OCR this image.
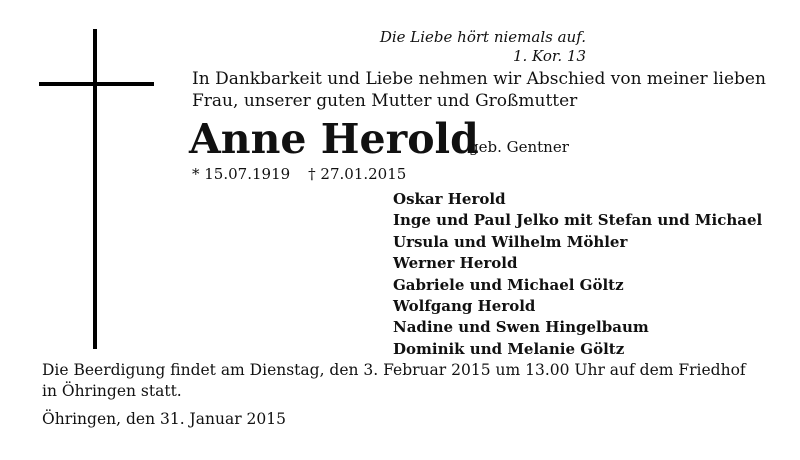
Die Liebe hört niemals auf.
1. Kor. 13
In Dankbarkeit und Liebe nehmen wir Abschied von meiner lieben
Frau, unserer guten Mutter und Großmutter
Anne Herold
geb. Gentner
* 15.07.1919 † 27.01.2015
Oskar Herold
Inge und Paul Jelko mit Stefan und Michael
Ursula und Wilhelm Möhler
Werner Herold
Gabriele und Michael Göltz
Wolfgang Herold
Nadine und Swen Hingelbaum
Dominik und Melanie Göltz
Die Beerdigung findet am Dienstag, den 3. Februar 2015 um 13.00 Uhr auf dem Friedhof
in Öhringen statt.
Öhringen, den 31. Januar 2015
